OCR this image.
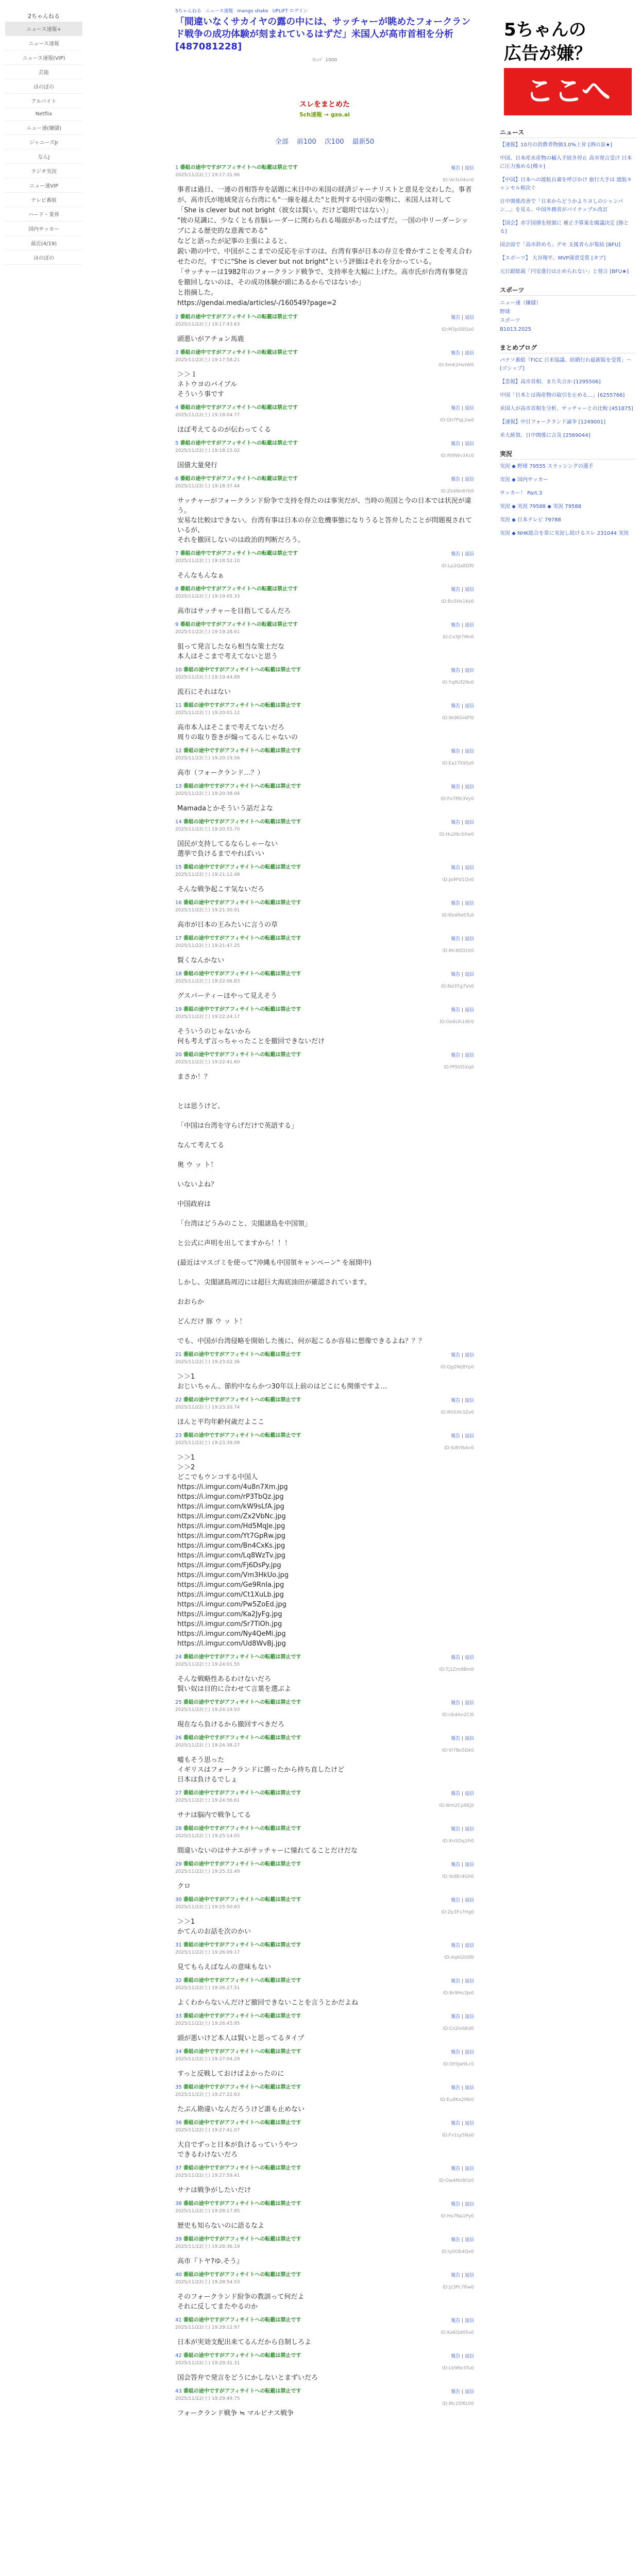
2ちゃんねる
ニュース速報+
ニュース速報
ニュース速報(VIP)
芸能
ほのぼの
アルバイト
Netflix
ニュー速(嫌儲)
ジャニーズJr
なんJ
ラジオ実況
ニュー速VIP
テレビ番組
ハード・業界
国内サッカー
最近(4/19)
ほのぼの
5ちゃんねる ニュース速報 mango shake UPLIFT ログイン
「間違いなくサカイヤの露の中には、サッチャーが眺めたフォークランド戦争の成功体験が刻まれているはずだ」米国人が高市首相を分析 [487081228]
ｽﾚｯﾄﾞ 1000
スレをまとめた
5ch速報 → gzo.ai
全部 前100 次100 最新50
1 番組の途中ですがアフィサイトへの転載は禁止です
2025/11/22(土) 19:17:31.96
報告 | 返信
ID:Ve3UI4vn0
事者は過日、一連の首相答弁を話題に米日中の米国の経済ジャーナリストと意見を交わした。事者が、高市氏が地域発言ら台湾にも"一線を越えた"と批判する中国の姿勢に、米国人は対して
「She is clever but not bright（彼女は賢い。だけど聡明ではない）」
"彼の見識に、少なくとも首脳レーダーに関わられる場面があったはずだ。一国の中リーダーシップによる歴史的な意義である"
などと語ったが記事の主張によると、
鋭い勘の中で、中国がここまでの反応を示すのは、台湾有事が日本の存立を脅かすことを考え合わせたのだ。すでに"She is clever but not bright"という評価はそれを分かっている。
「サッチャーは1982年のフォークランド戦争で、支持率を大幅に上げた。高市氏が台湾有事発言を撤回しないのは、その成功体験が頭にあるからではないか」
と指摘した。
https://gendai.media/articles/-/160549?page=2
2 番組の途中ですがアフィサイトへの転載は禁止です
2025/11/22(土) 19:17:43.63
報告 | 返信
ID:M3pS8Sla0
頭悪いがアチョン馬鹿
3 番組の途中ですがアフィサイトへの転載は禁止です
2025/11/22(土) 19:17:58.21
報告 | 返信
ID:5mK2HvtW0
＞＞１
ネトウヨのバイブル
そういう事です
4 番組の途中ですがアフィサイトへの転載は禁止です
2025/11/22(土) 19:18:04.77
報告 | 返信
ID:Gh7PqL2w0
ほぼ考えてるのが伝わってくる
5 番組の途中ですがアフィサイトへの転載は禁止です
2025/11/22(土) 19:18:15.02
報告 | 返信
ID:Rt9Wv3Xc0
国債大量発行
6 番組の途中ですがアフィサイトへの転載は禁止です
2025/11/22(土) 19:18:37.44
報告 | 返信
ID:Zk4Nn6Yb0
サッチャーがフォークランド紛争で支持を得たのは事実だが、当時の英国と今の日本では状況が違う。
安易な比較はできない。台湾有事は日本の存立危機事態になりうると答弁したことが問題視されているが、
それを撤回しないのは政治的判断だろう。
7 番組の途中ですがアフィサイトへの転載は禁止です
2025/11/22(土) 19:18:52.10
報告 | 返信
ID:Lp2Qa8Df0
そんなもんなぁ
8 番組の途中ですがアフィサイトへの転載は禁止です
2025/11/22(土) 19:19:05.33
報告 | 返信
ID:Bv5Hs1Ke0
高市はサッチャーを目指してるんだろ
9 番組の途中ですがアフィサイトへの転載は禁止です
2025/11/22(土) 19:19:28.61
報告 | 返信
ID:Cx3Jt7Mn0
狙って発言したなら相当な策士だな
本人はそこまで考えてないと思う
10 番組の途中ですがアフィサイトへの転載は禁止です
2025/11/22(土) 19:19:44.89
報告 | 返信
ID:Yq8Uf2Ro0
流石にそれはない
11 番組の途中ですがアフィサイトへの転載は禁止です
2025/11/22(土) 19:20:01.12
報告 | 返信
ID:Wd6Gi4Pl0
高市本人はそこまで考えてないだろ
周りの取り巻きが煽ってるんじゃないの
12 番組の途中ですがアフィサイトへの転載は禁止です
2025/11/22(土) 19:20:19.56
報告 | 返信
ID:Ea1Tk9Sz0
高市（フォークランド…？）
13 番組の途中ですがアフィサイトへの転載は禁止です
2025/11/22(土) 19:20:38.04
報告 | 返信
ID:Fo7Mb3Vy0
Mamadaとかそういう話だよな
14 番組の途中ですがアフィサイトへの転載は禁止です
2025/11/22(土) 19:20:55.70
報告 | 返信
ID:Hu2Nc5Xw0
国民が支持してるならしゃーない
選挙で負けるまでやればいい
15 番組の途中ですがアフィサイトへの転載は禁止です
2025/11/22(土) 19:21:12.48
報告 | 返信
ID:Ja9Pd1Qv0
そんな戦争起こす気ないだろ
16 番組の途中ですがアフィサイトへの転載は禁止です
2025/11/22(土) 19:21:30.91
報告 | 返信
ID:Kb4Re6Tu0
高市が日本の王みたいに言うの草
17 番組の途中ですがアフィサイトへの転載は禁止です
2025/11/22(土) 19:21:47.25
報告 | 返信
ID:Mc8Sf2Ut0
賢くなんかない
18 番組の途中ですがアフィサイトへの転載は禁止です
2025/11/22(土) 19:22:06.83
報告 | 返信
ID:Nd3Tg7Vs0
グスパーティーほやって見えそう
19 番組の途中ですがアフィサイトへの転載は禁止です
2025/11/22(土) 19:22:24.17
報告 | 返信
ID:Oe6Uh1Wr0
そういうのじゃないから
何も考えず言っちゃったことを撤回できないだけ
20 番組の途中ですがアフィサイトへの転載は禁止です
2025/11/22(土) 19:22:41.60
報告 | 返信
ID:Pf9Vi5Xq0
まさか！？

とは思うけど、

「中国は台湾を守らげだけで英語する」

なんて考えてる

奥 ウ ッ ト！

いないよね？

中国政府は

「台湾はどうみのこと、尖閣諸島を中国領」

と公式に声明を出してますから！！！

(最近はマスゴミを使って"沖縄も中国領キャンペーン" を展開中)

しかし、尖閣諸島周辺には超巨大海底油田が確認されています。

おおらか

どんだけ 豚 ウ ッ ト！

でも、中国が台湾侵略を開始した後に、何が起こるか容易に想像できるよね？？？
21 番組の途中ですがアフィサイトへの転載は禁止です
2025/11/22(土) 19:23:02.36
報告 | 返信
ID:Qg2Wj8Yp0
＞＞1
おじいちゃん、節約中ならかつ30年以上前のはどこにも関係ですよ…
22 番組の途中ですがアフィサイトへの転載は禁止です
2025/11/22(土) 19:23:20.74
報告 | 返信
ID:Rh5Xk3Zo0
ほんと平均年齢何歳だよここ
23 番組の途中ですがアフィサイトへの転載は禁止です
2025/11/22(土) 19:23:39.08
報告 | 返信
ID:Si8Yl6An0
＞＞1
＞＞2
どこでもウンコする中国人
https://i.imgur.com/4u8n7Xm.jpg
https://i.imgur.com/rP3TbQz.jpg
https://i.imgur.com/kW9sLfA.jpg
https://i.imgur.com/Zx2VbNc.jpg
https://i.imgur.com/Hd5MqJe.jpg
https://i.imgur.com/Yt7GpRw.jpg
https://i.imgur.com/Bn4CxKs.jpg
https://i.imgur.com/Lq8WzTv.jpg
https://i.imgur.com/Fj6DsPy.jpg
https://i.imgur.com/Vm3HkUo.jpg
https://i.imgur.com/Ge9RnIa.jpg
https://i.imgur.com/Ct1XuLb.jpg
https://i.imgur.com/Pw5ZoEd.jpg
https://i.imgur.com/Ka2JyFg.jpg
https://i.imgur.com/Sr7TiOh.jpg
https://i.imgur.com/Ny4QeMi.jpg
https://i.imgur.com/Ud8WvBj.jpg
24 番組の途中ですがアフィサイトへの転載は禁止です
2025/11/22(土) 19:24:01.55
報告 | 返信
ID:Tj1Zm9Bm0
そんな戦略性あるわけないだろ
賢い奴は目的に合わせて言葉を選ぶよ
25 番組の途中ですがアフィサイトへの転載は禁止です
2025/11/22(土) 19:24:19.93
報告 | 返信
ID:Uk4An2Cl0
現在なら負けるから撤回すべきだろ
26 番組の途中ですがアフィサイトへの転載は禁止です
2025/11/22(土) 19:24:38.27
報告 | 返信
ID:Vl7Bo5Dk0
嘘もそう思った
イギリスはフォークランドに勝ったから持ち直したけど
日本は負けるでしょ
27 番組の途中ですがアフィサイトへの転載は禁止です
2025/11/22(土) 19:24:56.61
報告 | 返信
ID:Wm2Cp8Ej0
サナは脳内で戦争してる
28 番組の途中ですがアフィサイトへの転載は禁止です
2025/11/22(土) 19:25:14.05
報告 | 返信
ID:Xn5Dq1Fi0
間違いないのはサナエがサッチャーに憧れてることだけだな
29 番組の途中ですがアフィサイトへの転載は禁止です
2025/11/22(土) 19:25:32.49
報告 | 返信
ID:Yo8Er4Gh0
クロ
30 番組の途中ですがアフィサイトへの転載は禁止です
2025/11/22(土) 19:25:50.83
報告 | 返信
ID:Zp3Fs7Hg0
＞＞1
かてんのお話を次のかい
31 番組の途中ですがアフィサイトへの転載は禁止です
2025/11/22(土) 19:26:09.17
報告 | 返信
ID:Aq6Gt0If0
見てもらえばなんの意味もない
32 番組の途中ですがアフィサイトへの転載は禁止です
2025/11/22(土) 19:26:27.51
報告 | 返信
ID:Br9Hu3Je0
よくわからないんだけど撤回できないことを言うとかだよね
33 番組の途中ですがアフィサイトへの転載は禁止です
2025/11/22(土) 19:26:45.95
報告 | 返信
ID:Cs2Iv6Kd0
頭が悪いけど本人は賢いと思ってるタイプ
34 番組の途中ですがアフィサイトへの転載は禁止です
2025/11/22(土) 19:27:04.29
報告 | 返信
ID:Dt5Jw9Lc0
すっと反戦しておけばよかったのに
35 番組の途中ですがアフィサイトへの転載は禁止です
2025/11/22(土) 19:27:22.63
報告 | 返信
ID:Eu8Kx2Mb0
たぶん勘違いなんだろうけど誰も止めない
36 番組の途中ですがアフィサイトへの転載は禁止です
2025/11/22(土) 19:27:41.07
報告 | 返信
ID:Fv1Ly5Na0
大自でずっと日本が負けるっていうやつ
できるわけないだろ
37 番組の途中ですがアフィサイトへの転載は禁止です
2025/11/22(土) 19:27:59.41
報告 | 返信
ID:Gw4Mz8Oz0
サナは戦争がしたいだけ
38 番組の途中ですがアフィサイトへの転載は禁止です
2025/11/22(土) 19:28:17.85
報告 | 返信
ID:Hx7Na1Py0
歴史も知らないのに語るなよ
39 番組の途中ですがアフィサイトへの転載は禁止です
2025/11/22(土) 19:28:36.19
報告 | 返信
ID:Iy0Ob4Qx0
高市『トヤ?ゆ.そう』
40 番組の途中ですがアフィサイトへの転載は禁止です
2025/11/22(土) 19:28:54.53
報告 | 返信
ID:Jz3Pc7Rw0
そのフォークランド紛争の教訓って何だよ
それに反してまたやるのか
41 番組の途中ですがアフィサイトへの転載は禁止です
2025/11/22(土) 19:29:12.97
報告 | 返信
ID:Ka6Qd0Sv0
日本が実効支配出来てるんだから自制しろよ
42 番組の途中ですがアフィサイトへの転載は禁止です
2025/11/22(土) 19:29:31.31
報告 | 返信
ID:Lb9Re3Tu0
国会答弁で発言をどうにかしないとまずいだろ
43 番組の途中ですがアフィサイトへの転載は禁止です
2025/11/22(土) 19:29:49.75
報告 | 返信
ID:Mc2Sf6Ut0
フォークランド戦争 ≒ マルビナス戦争
5ちゃんの
広告が嫌？
ここへ
ニュース
【速報】10月の消費者物価3.0%上昇 [酒の泉★]
中国、日本産水産物の輸入手続き停止 高市発言受け 日本に圧力強める[樽々]
【中国】日本への渡航自粛を呼びかけ 旅行大手は 渡航キャンセル相次ぐ
日中関係改善で「日本からどうかよりヨしのシャンパン…」を見る、中国外務省がパイナップル改訂
【国会】赤字国債を財源に 補正予算案を閣議決定 [豚とる]
国会前で「高市辞めろ」デモ 支援者らが集結 [BFU]
【スポーツ】 大谷翔平、MVP満票受賞 [タブ]
元日銀総裁「円安進行は止められない」と発言 [BFU★]
スポーツ
ニュー速（嫌儲）
野球
スポーツ
B1013.2025
まとめブログ
パナソ番組『FICC 日米協議、結婚行わ最新版を受賞」〜 [ゴシップ]
【悲報】高市首相、また失言か [1295506]
中国「日本とは海産物の取引を止める…」[6255766]
米国人が高市首相を分析、サッチャーとの比較 [451875]
【速報】中日フォークランド論争 [1249001]
米大統領、日中関係に言及 [2569044]
実況
実況 ◆ 野球 79555 スラッシングの選手
実況 ◆ 国内サッカー
サッカー！ Part.3
実況 ◆ 実況 79588 ◆ 実況 79588
実況 ◆ 日本テレビ 79788
実況 ◆ NHK総合を常に実況し続けるスレ 231044 実況
